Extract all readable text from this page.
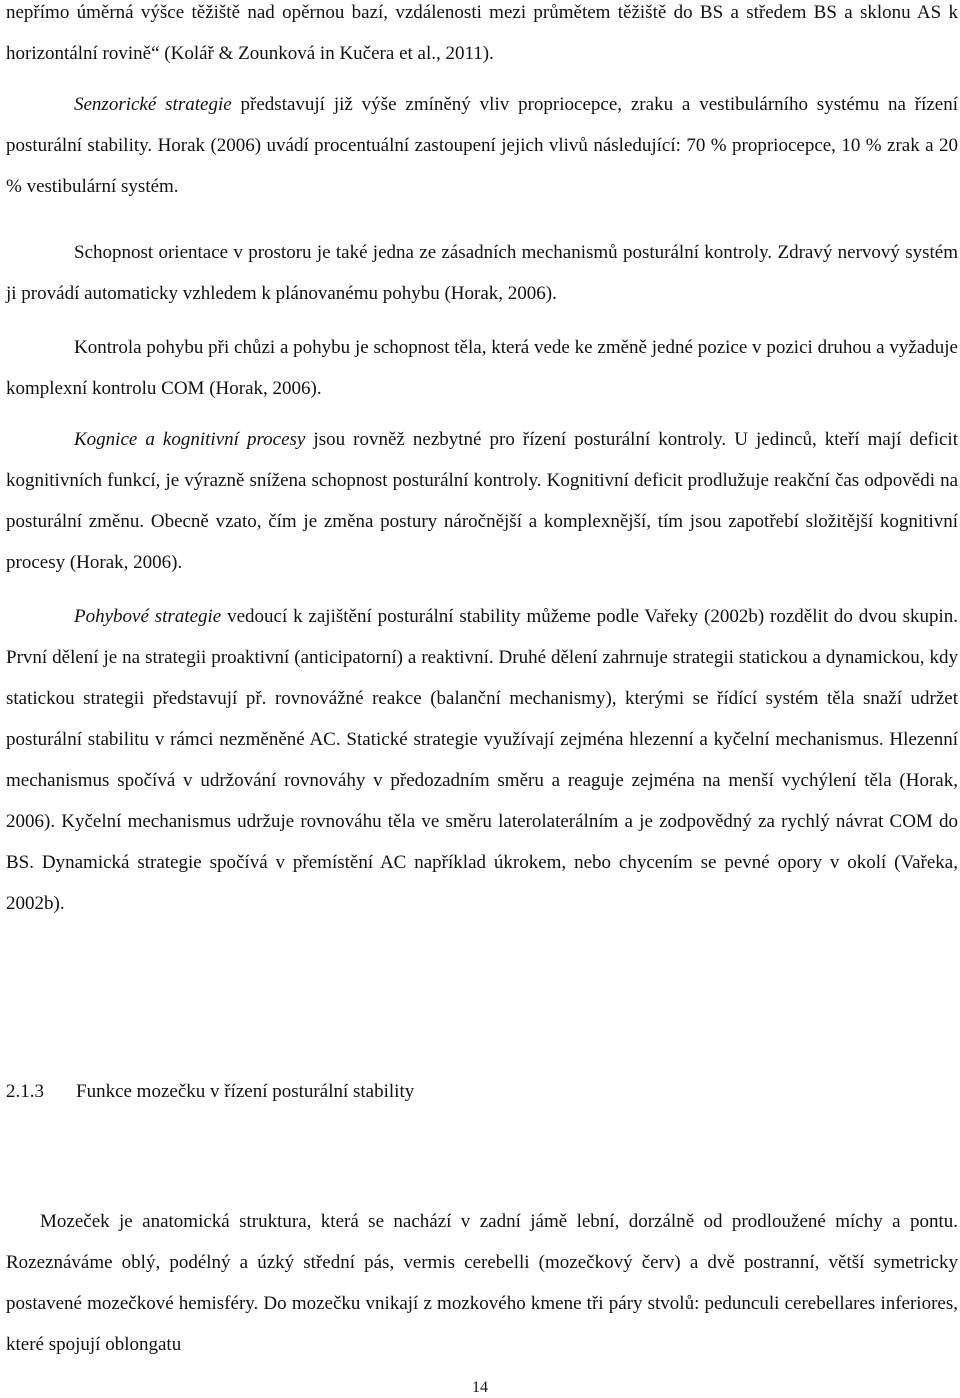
nepřímo úměrná výšce těžiště nad opěrnou bazí, vzdálenosti mezi průmětem těžiště do BS a středem BS a sklonu AS k horizontální rovině“ (Kolář & Zounková in Kučera et al., 2011).

Senzorické strategie představují již výše zmíněný vliv propriocepce, zraku a vestibulárního systému na řízení posturální stability. Horak (2006) uvádí procentuální zastoupení jejich vlivů následující: 70 % propriocepce, 10 % zrak a 20 % vestibulární systém.

Schopnost orientace v prostoru je také jedna ze zásadních mechanismů posturální kontroly. Zdravý nervový systém ji provádí automaticky vzhledem k plánovanému pohybu (Horak, 2006).

Kontrola pohybu při chůzi a pohybu je schopnost těla, která vede ke změně jedné pozice v pozici druhou a vyžaduje komplexní kontrolu COM (Horak, 2006).

Kognice a kognitivní procesy jsou rovněž nezbytné pro řízení posturální kontroly. U jedinců, kteří mají deficit kognitivních funkcí, je výrazně snížena schopnost posturální kontroly. Kognitivní deficit prodlužuje reakční čas odpovědi na posturální změnu. Obecně vzato, čím je změna postury náročnější a komplexnější, tím jsou zapotřebí složitější kognitivní procesy (Horak, 2006).

Pohybové strategie vedoucí k zajištění posturální stability můžeme podle Vařeky (2002b) rozdělit do dvou skupin. První dělení je na strategii proaktivní (anticipatorní) a reaktivní. Druhé dělení zahrnuje strategii statickou a dynamickou, kdy statickou strategii představují př. rovnovážné reakce (balanční mechanismy), kterými se řídící systém těla snaží udržet posturální stabilitu v rámci nezměněné AC. Statické strategie využívají zejména hlezenní a kyčelní mechanismus. Hlezenní mechanismus spočívá v udržování rovnováhy v předozadním směru a reaguje zejména na menší vychýlení těla (Horak, 2006). Kyčelní mechanismus udržuje rovnováhu těla ve směru laterolaterálním a je zodpovědný za rychlý návrat COM do BS. Dynamická strategie spočívá v přemístění AC například úkrokem, nebo chycením se pevné opory v okolí (Vařeka, 2002b).

2.1.3 Funkce mozečku v řízení posturální stability

Mozeček je anatomická struktura, která se nachází v zadní jámě lební, dorzálně od prodloužené míchy a pontu. Rozeznáváme oblý, podélný a úzký střední pás, vermis cerebelli (mozečkový červ) a dvě postranní, větší symetricky postavené mozečkové hemisféry. Do mozečku vnikají z mozkového kmene tři páry stvolů: pedunculi cerebellares inferiores, které spojují oblongatu

14
